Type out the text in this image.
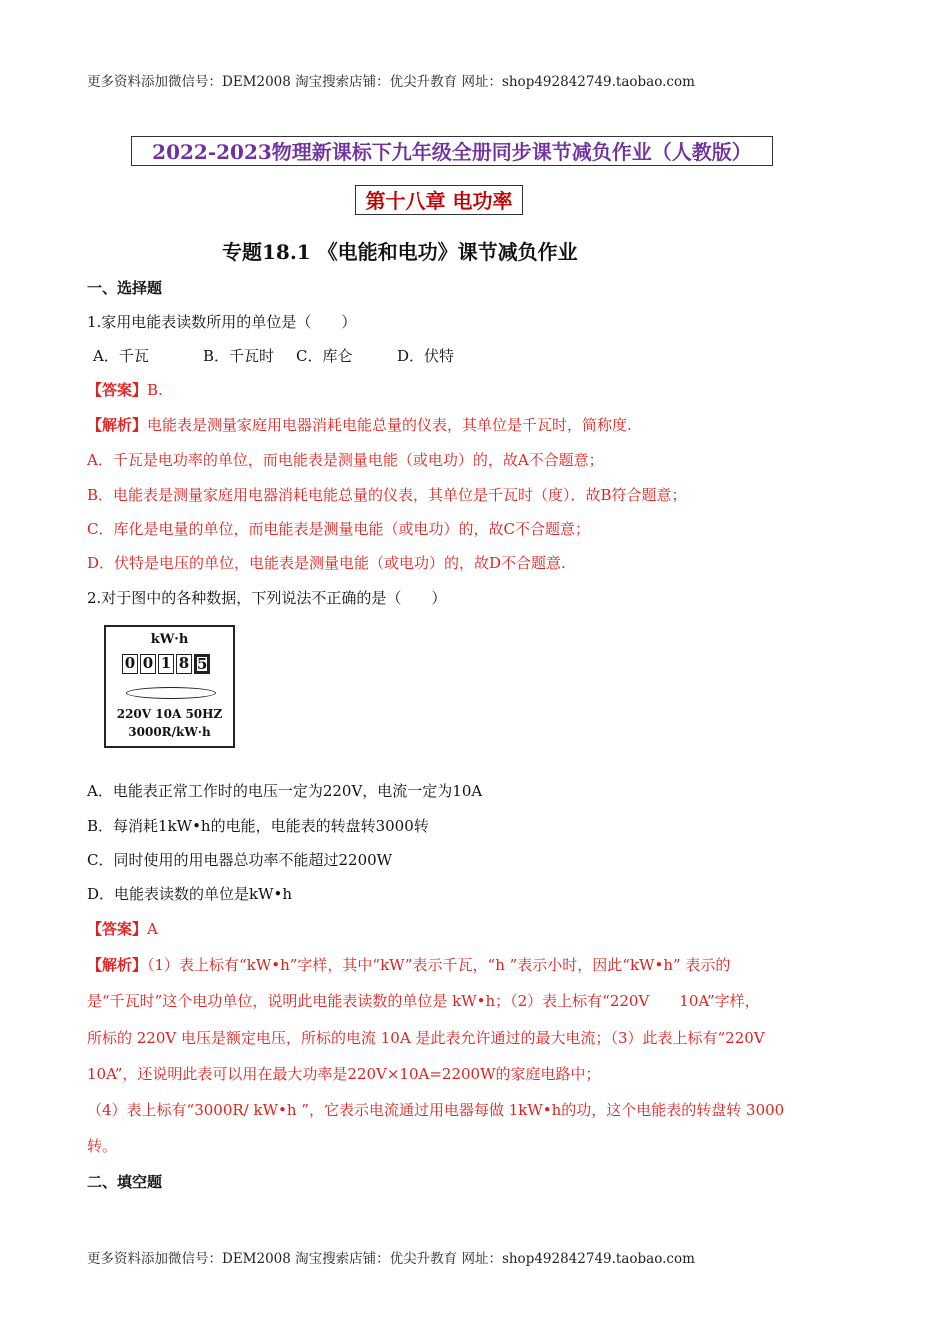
更多资料添加微信号：DEM2008 淘宝搜索店铺：优尖升教育 网址：shop492842749.taobao.com
2022-2023物理新课标下九年级全册同步课节减负作业（人教版）
第十八章 电功率
专题18.1 《电能和电功》课节减负作业
一、选择题
1.家用电能表读数所用的单位是（　　）
A．千瓦	B．千瓦时 C．库仑	D．伏特
【答案】B.
【解析】电能表是测量家庭用电器消耗电能总量的仪表，其单位是千瓦时，简称度.
A．千瓦是电功率的单位，而电能表是测量电能（或电功）的，故A不合题意；
B．电能表是测量家庭用电器消耗电能总量的仪表，其单位是千瓦时（度）．故B符合题意；
C．库化是电量的单位，而电能表是测量电能（或电功）的，故C不合题意；
D．伏特是电压的单位，电能表是测量电能（或电功）的，故D不合题意.
2.对于图中的各种数据，下列说法不正确的是（　　）
kW·h
0 0 1 8 5
220V 10A 50HZ
3000R/kW·h
A．电能表正常工作时的电压一定为220V，电流一定为10A
B．每消耗1kW•h的电能，电能表的转盘转3000转
C．同时使用的用电器总功率不能超过2200W
D．电能表读数的单位是kW•h
【答案】A
【解析】（1）表上标有“kW•h”字样，其中“kW”表示千瓦，“h ”表示小时，因此“kW•h” 表示的
是“千瓦时”这个电功单位，说明此电能表读数的单位是 kW•h；（2）表上标有“220V　　10A”字样，
所标的 220V 电压是额定电压，所标的电流 10A 是此表允许通过的最大电流；（3）此表上标有“220V
10A”，还说明此表可以用在最大功率是220V×10A=2200W的家庭电路中；
（4）表上标有“3000R/ kW•h ”，它表示电流通过用电器每做 1kW•h的功，这个电能表的转盘转 3000
转。
二、填空题
更多资料添加微信号：DEM2008 淘宝搜索店铺：优尖升教育 网址：shop492842749.taobao.com
